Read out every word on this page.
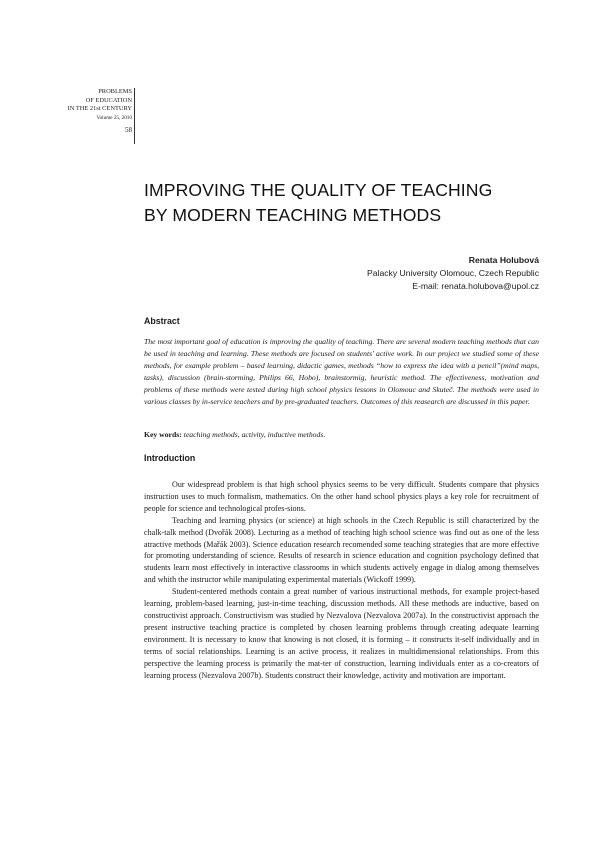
PROBLEMS
OF EDUCATION
IN THE 21st CENTURY
Volume 25, 2010
58
IMPROVING THE QUALITY OF TEACHING
BY MODERN TEACHING METHODS
Renata Holubová
Palacky University Olomouc, Czech Republic
E-mail: renata.holubova@upol.cz
Abstract
The most important goal of education is improving the quality of teaching. There are several modern teaching methods that can be used in teaching and learning. These methods are focused on students' active work. In our project we studied some of these methods, for example problem – based learning, didactic games, methods “how to express the idea with a pencil”(mind maps, tasks), discussion (brain-storming, Philips 66, Hobo), brainstormig, heuristic method. The effectiveness, motivation and problems of these methods were tested during high school physics lessons in Olomouc and Skuteč. The methods were used in various classes by in-service teachers and by pre-graduated teachers. Outcomes of this reasearch are discussed in this paper.
Key words: teaching methods, activity, inductive methods.
Introduction

Our widespread problem is that high school physics seems to be very difficult. Students compare that physics instruction uses to much formalism, mathematics. On the other hand school physics plays a key role for recruitment of people for science and technological profes-sions.

Teaching and learning physics (or science) at high schools in the Czech Republic is still characterized by the chalk-talk method (Dvořák 2008). Lecturing as a method of teaching high school science was find out as one of the less atractive methods (Mařák 2003). Science education research recomended some teaching strategies that are more effective for promoting understanding of science. Results of research in science education and cognition psychology defined that students learn most effectively in interactive classrooms in which students actively engage in dialog among themselves and whith the instructor while manipulating experimental materials (Wickoff 1999).

Student-centered methods contain a great number of various instructional methods, for example project-based learning, problem-based learning, just-in-time teaching, discussion methods. All these methods are inductive, based on constructivist approach. Constructivism was studied by Nezvalova (Nezvalova 2007a). In the constructivist approach the present instructive teaching practice is completed by chosen learning problems through creating adequate learning environment. It is necessary to know that knowing is not closed, it is forming – it constructs it-self individually and in terms of social relationships. Learning is an active process, it realizes in multidimensional relationships. From this perspective the learning process is primarily the mat-ter of construction, learning individuals enter as a co-creators of learning process (Nezvalova 2007b). Students construct their knowledge, activity and motivation are important.
